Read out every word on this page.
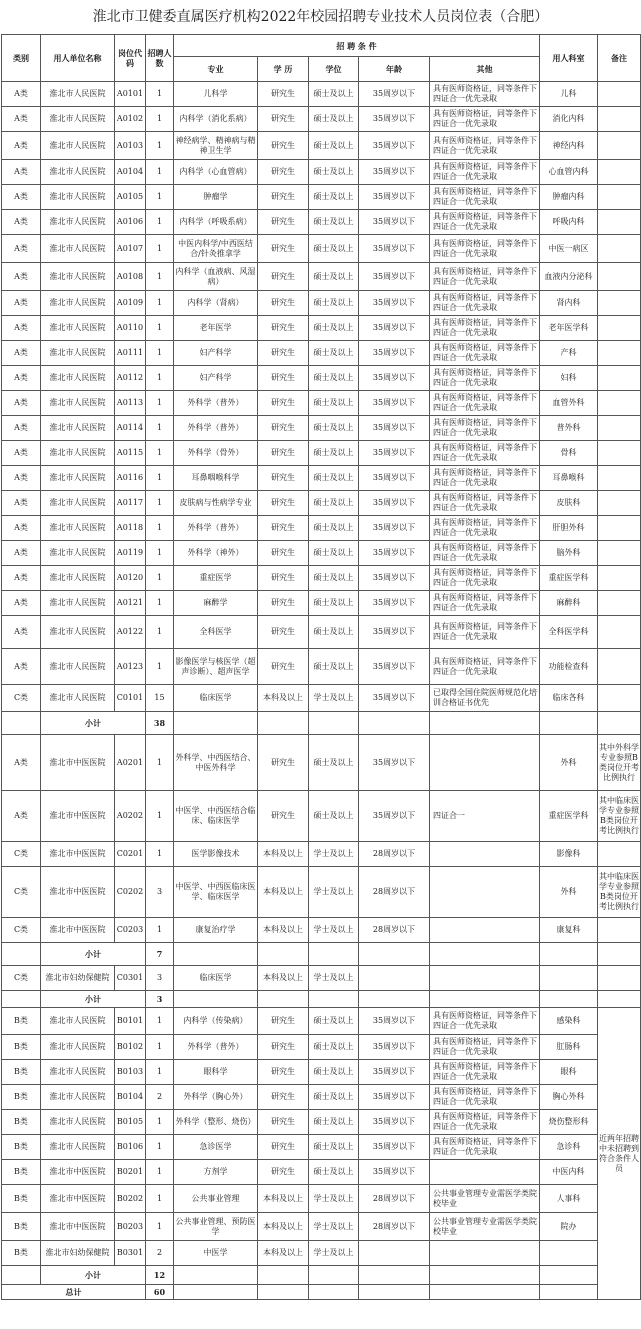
淮北市卫健委直属医疗机构2022年校园招聘专业技术人员岗位表（合肥）
类别	用人单位名称	岗位代码	招聘人数	招 聘 条 件					用人科室	备注
				专业	学 历	学位	年龄	其他		
A类	淮北市人民医院	A0101	1	儿科学	研究生	硕士及以上	35周岁以下	具有医师资格证，同等条件下四证合一优先录取	儿科	
A类	淮北市人民医院	A0102	1	内科学（消化系病）	研究生	硕士及以上	35周岁以下	具有医师资格证，同等条件下四证合一优先录取	消化内科	
A类	淮北市人民医院	A0103	1	神经病学、精神病与精神卫生学	研究生	硕士及以上	35周岁以下	具有医师资格证，同等条件下四证合一优先录取	神经内科	
A类	淮北市人民医院	A0104	1	内科学（心血管病）	研究生	硕士及以上	35周岁以下	具有医师资格证，同等条件下四证合一优先录取	心血管内科	
A类	淮北市人民医院	A0105	1	肿瘤学	研究生	硕士及以上	35周岁以下	具有医师资格证，同等条件下四证合一优先录取	肿瘤内科	
A类	淮北市人民医院	A0106	1	内科学（呼吸系病）	研究生	硕士及以上	35周岁以下	具有医师资格证，同等条件下四证合一优先录取	呼吸内科	
A类	淮北市人民医院	A0107	1	中医内科学/中西医结合/针灸推拿学	研究生	硕士及以上	35周岁以下	具有医师资格证，同等条件下四证合一优先录取	中医一病区	
A类	淮北市人民医院	A0108	1	内科学（血液病、风湿病）	研究生	硕士及以上	35周岁以下	具有医师资格证，同等条件下四证合一优先录取	血液内分泌科	
A类	淮北市人民医院	A0109	1	内科学（肾病）	研究生	硕士及以上	35周岁以下	具有医师资格证，同等条件下四证合一优先录取	肾内科	
A类	淮北市人民医院	A0110	1	老年医学	研究生	硕士及以上	35周岁以下	具有医师资格证，同等条件下四证合一优先录取	老年医学科	
A类	淮北市人民医院	A0111	1	妇产科学	研究生	硕士及以上	35周岁以下	具有医师资格证，同等条件下四证合一优先录取	产科	
A类	淮北市人民医院	A0112	1	妇产科学	研究生	硕士及以上	35周岁以下	具有医师资格证，同等条件下四证合一优先录取	妇科	
A类	淮北市人民医院	A0113	1	外科学（普外）	研究生	硕士及以上	35周岁以下	具有医师资格证，同等条件下四证合一优先录取	血管外科	
A类	淮北市人民医院	A0114	1	外科学（普外）	研究生	硕士及以上	35周岁以下	具有医师资格证，同等条件下四证合一优先录取	普外科	
A类	淮北市人民医院	A0115	1	外科学（骨外）	研究生	硕士及以上	35周岁以下	具有医师资格证，同等条件下四证合一优先录取	骨科	
A类	淮北市人民医院	A0116	1	耳鼻咽喉科学	研究生	硕士及以上	35周岁以下	具有医师资格证，同等条件下四证合一优先录取	耳鼻喉科	
A类	淮北市人民医院	A0117	1	皮肤病与性病学专业	研究生	硕士及以上	35周岁以下	具有医师资格证，同等条件下四证合一优先录取	皮肤科	
A类	淮北市人民医院	A0118	1	外科学（普外）	研究生	硕士及以上	35周岁以下	具有医师资格证，同等条件下四证合一优先录取	肝胆外科	
A类	淮北市人民医院	A0119	1	外科学（神外）	研究生	硕士及以上	35周岁以下	具有医师资格证，同等条件下四证合一优先录取	脑外科	
A类	淮北市人民医院	A0120	1	重症医学	研究生	硕士及以上	35周岁以下	具有医师资格证，同等条件下四证合一优先录取	重症医学科	
A类	淮北市人民医院	A0121	1	麻醉学	研究生	硕士及以上	35周岁以下	具有医师资格证，同等条件下四证合一优先录取	麻醉科	
A类	淮北市人民医院	A0122	1	全科医学	研究生	硕士及以上	35周岁以下	具有医师资格证，同等条件下四证合一优先录取	全科医学科	
A类	淮北市人民医院	A0123	1	影像医学与核医学（超声诊断）、超声医学	研究生	硕士及以上	35周岁以下	具有医师资格证，同等条件下四证合一优先录取	功能检查科	
C类	淮北市人民医院	C0101	15	临床医学	本科及以上	学士及以上	35周岁以下	已取得全国住院医师规范化培训合格证书优先	临床各科	
	小计		38							
A类	淮北市中医医院	A0201	1	外科学、中西医结合、中医外科学	研究生	硕士及以上	35周岁以下		外科	其中外科学专业参照B类岗位开考比例执行
A类	淮北市中医医院	A0202	1	中医学、中西医结合临床、临床医学	研究生	硕士及以上	35周岁以下	四证合一	重症医学科	其中临床医学专业参照B类岗位开考比例执行
C类	淮北市中医医院	C0201	1	医学影像技术	本科及以上	学士及以上	28周岁以下		影像科	
C类	淮北市中医医院	C0202	3	中医学、中西医临床医学、临床医学	本科及以上	学士及以上	28周岁以下		外科	其中临床医学专业参照B类岗位开考比例执行
C类	淮北市中医医院	C0203	1	康复治疗学	本科及以上	学士及以上	28周岁以下		康复科	
	小计		7							
C类	淮北市妇幼保健院	C0301	3	临床医学	本科及以上	学士及以上				
	小计		3							
B类	淮北市人民医院	B0101	1	内科学（传染病）	研究生	硕士及以上	35周岁以下	具有医师资格证，同等条件下四证合一优先录取	感染科	近两年招聘中未招聘到符合条件人员
B类	淮北市人民医院	B0102	1	外科学（普外）	研究生	硕士及以上	35周岁以下	具有医师资格证，同等条件下四证合一优先录取	肛肠科	
B类	淮北市人民医院	B0103	1	眼科学	研究生	硕士及以上	35周岁以下	具有医师资格证，同等条件下四证合一优先录取	眼科	
B类	淮北市人民医院	B0104	2	外科学（胸心外）	研究生	硕士及以上	35周岁以下	具有医师资格证，同等条件下四证合一优先录取	胸心外科	
B类	淮北市人民医院	B0105	1	外科学（整形、烧伤）	研究生	硕士及以上	35周岁以下	具有医师资格证，同等条件下四证合一优先录取	烧伤整形科	
B类	淮北市人民医院	B0106	1	急诊医学	研究生	硕士及以上	35周岁以下	具有医师资格证，同等条件下四证合一优先录取	急诊科	
B类	淮北市中医医院	B0201	1	方剂学	研究生	硕士及以上	35周岁以下		中医内科	
B类	淮北市中医医院	B0202	1	公共事业管理	本科及以上	学士及以上	28周岁以下	公共事业管理专业需医学类院校毕业	人事科	
B类	淮北市中医医院	B0203	1	公共事业管理、预防医学	本科及以上	学士及以上	28周岁以下	公共事业管理专业需医学类院校毕业	院办	
B类	淮北市妇幼保健院	B0301	2	中医学	本科及以上	学士及以上				
	小计		12							
总计			60							
